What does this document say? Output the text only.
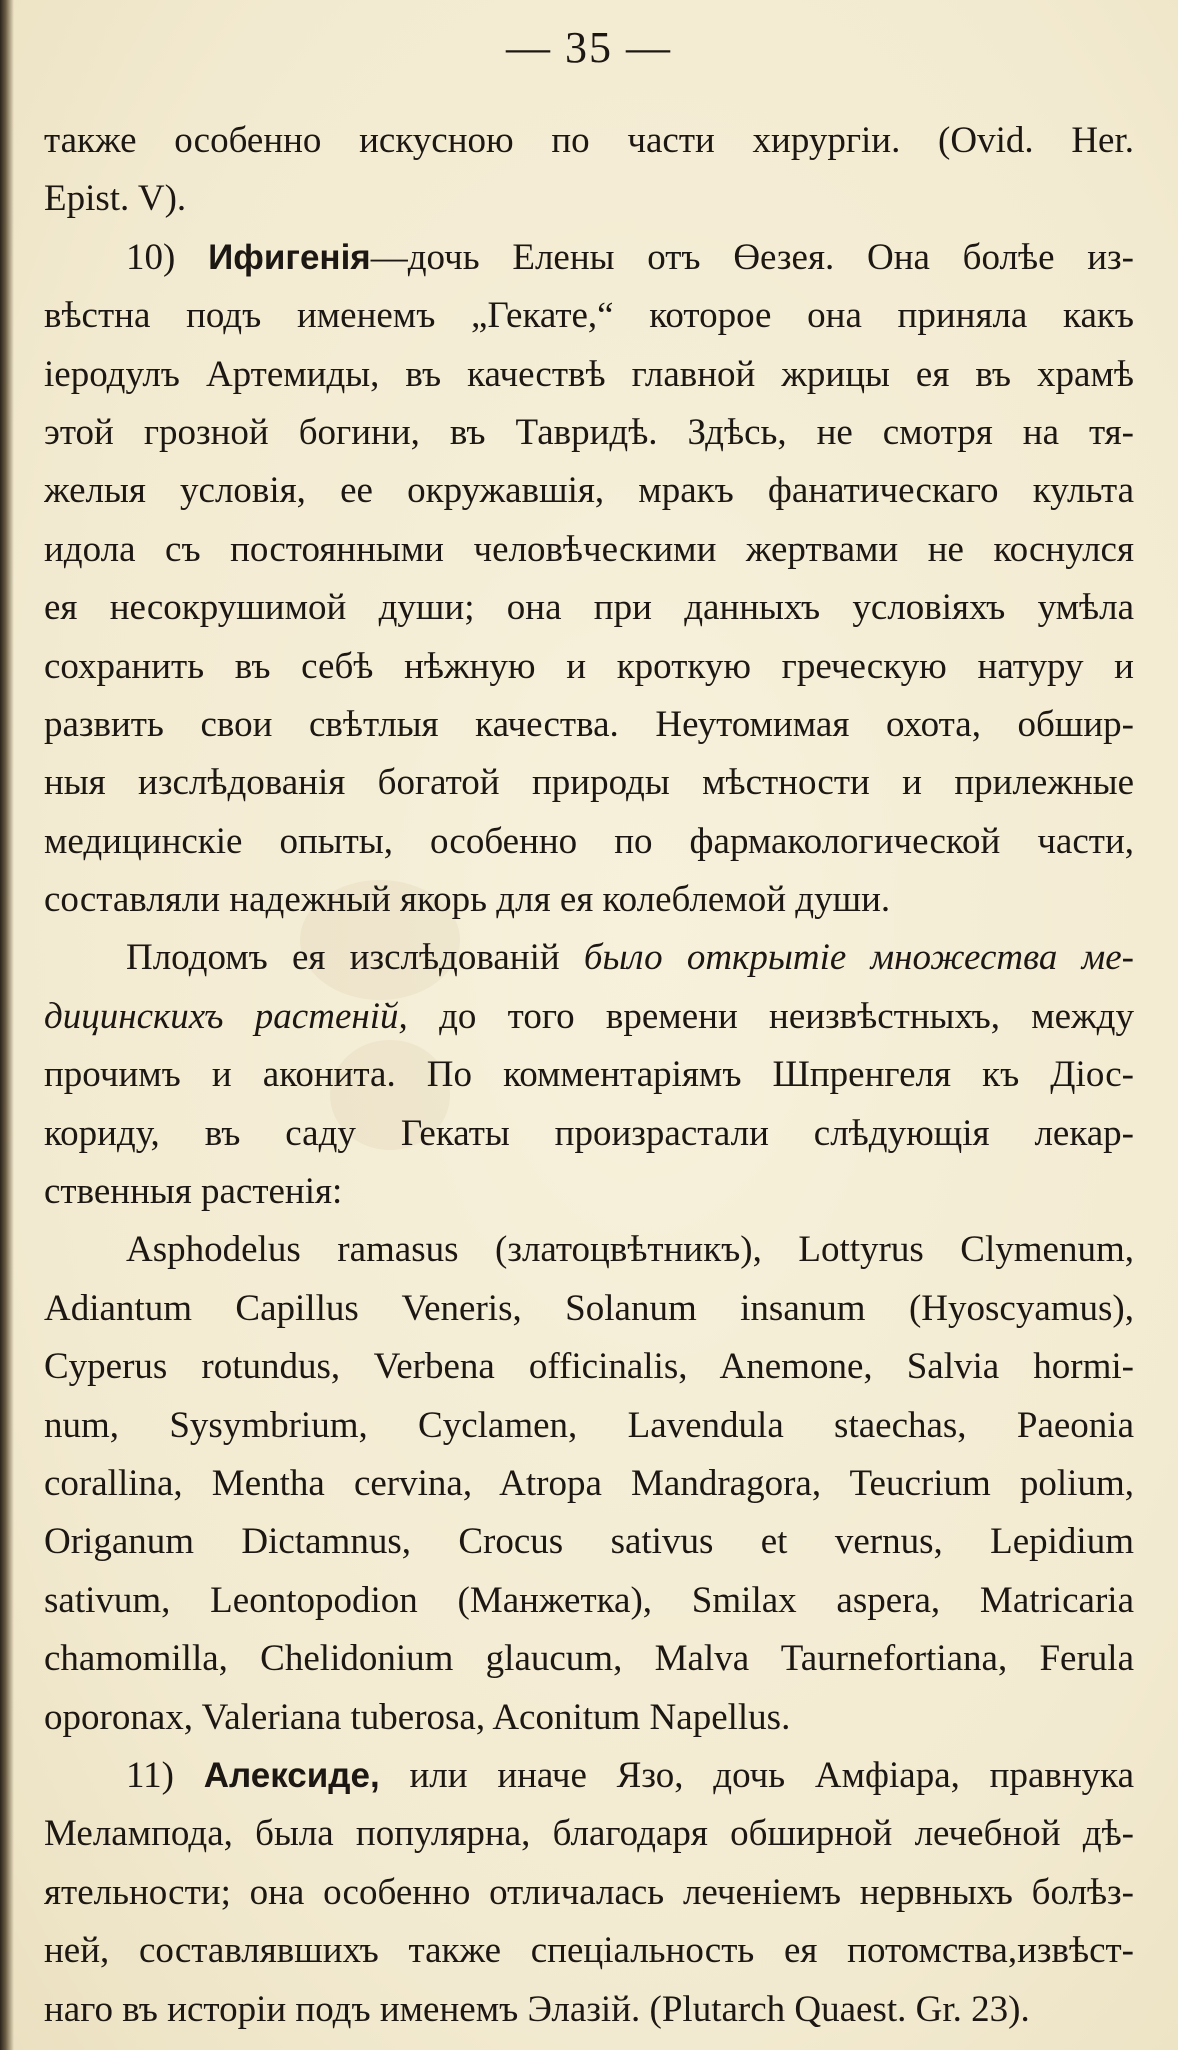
— 35 —
также особенно искусною по части хирургіи. (Ovid. Her.
Epist. V).
10) Ифигенія—дочь Елены отъ Өезея. Она болѣе из-
вѣстна подъ именемъ „Гекате,“ которое она приняла какъ
іеродулъ Артемиды, въ качествѣ главной жрицы ея въ храмѣ
этой грозной богини, въ Тавридѣ. Здѣсь, не смотря на тя-
желыя условія, ее окружавшія, мракъ фанатическаго культа
идола съ постоянными человѣческими жертвами не коснулся
ея несокрушимой души; она при данныхъ условіяхъ умѣла
сохранить въ себѣ нѣжную и кроткую греческую натуру и
развить свои свѣтлыя качества. Неутомимая охота, обшир-
ныя изслѣдованія богатой природы мѣстности и прилежные
медицинскіе опыты, особенно по фармакологической части,
составляли надежный якорь для ея колеблемой души.
Плодомъ ея изслѣдованій было открытіе множества ме-
дицинскихъ растеній, до того времени неизвѣстныхъ, между
прочимъ и аконита. По комментаріямъ Шпренгеля къ Діос-
кориду, въ саду Гекаты произрастали слѣдующія лекар-
ственныя растенія:
Asphodelus ramasus (златоцвѣтникъ), Lottyrus Clymenum,
Adiantum Capillus Veneris, Solanum insanum (Hyoscyamus),
Cyperus rotundus, Verbena officinalis, Anemone, Salvia hormi-
num, Sysymbrium, Cyclamen, Lavendula staechas, Paeonia
corallina, Mentha cervina, Atropa Mandragora, Teucrium polium,
Origanum Dictamnus, Crocus sativus et vernus, Lepidium
sativum, Leontopodion (Манжетка), Smilax aspera, Matricaria
chamomilla, Chelidonium glaucum, Malva Taurnefortiana, Ferula
oporonax, Valeriana tuberosa, Aconitum Napellus.
11) Алексиде, или иначе Язо, дочь Амфіара, правнука
Мелампода, была популярна, благодаря обширной лечебной дѣ-
ятельности; она особенно отличалась леченіемъ нервныхъ болѣз-
ней, составлявшихъ также спеціальность ея потомства,извѣст-
наго въ исторіи подъ именемъ Элазій. (Plutarch Quaest. Gr. 23).
